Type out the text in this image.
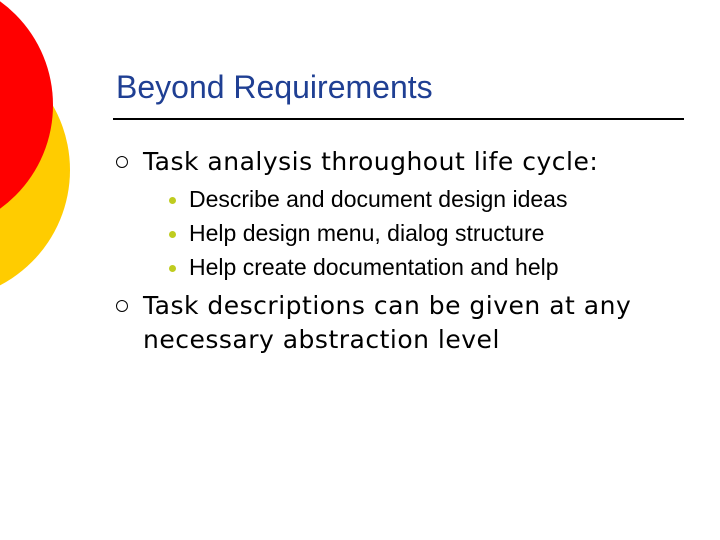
Beyond Requirements
Task analysis throughout life cycle:
Describe and document design ideas
Help design menu, dialog structure
Help create documentation and help
Task descriptions can be given at any necessary abstraction level
